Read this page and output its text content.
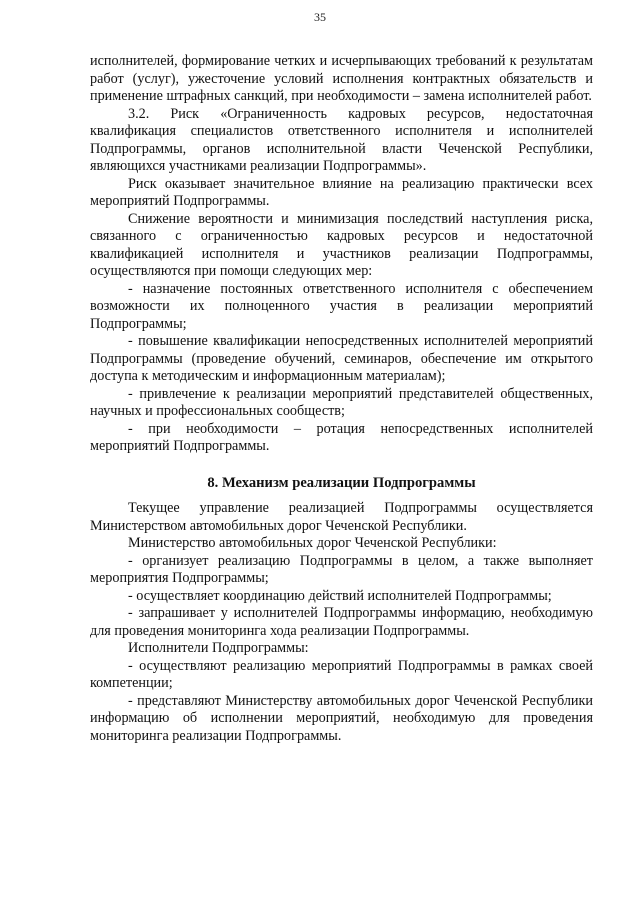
35

исполнителей, формирование четких и исчерпывающих требований к результатам работ (услуг), ужесточение условий исполнения контрактных обязательств и применение штрафных санкций, при необходимости – замена исполнителей работ.

3.2. Риск «Ограниченность кадровых ресурсов, недостаточная квалификация специалистов ответственного исполнителя и исполнителей Подпрограммы, органов исполнительной власти Чеченской Республики, являющихся участниками реализации Подпрограммы».

Риск оказывает значительное влияние на реализацию практически всех мероприятий Подпрограммы.

Снижение вероятности и минимизация последствий наступления риска, связанного с ограниченностью кадровых ресурсов и недостаточной квалификацией исполнителя и участников реализации Подпрограммы, осуществляются при помощи следующих мер:

- назначение постоянных ответственного исполнителя с обеспечением возможности их полноценного участия в реализации мероприятий Подпрограммы;

- повышение квалификации непосредственных исполнителей мероприятий Подпрограммы (проведение обучений, семинаров, обеспечение им открытого доступа к методическим и информационным материалам);

- привлечение к реализации мероприятий представителей общественных, научных и профессиональных сообществ;

- при необходимости – ротация непосредственных исполнителей мероприятий Подпрограммы.

8. Механизм реализации Подпрограммы

Текущее управление реализацией Подпрограммы осуществляется Министерством автомобильных дорог Чеченской Республики.

Министерство автомобильных дорог Чеченской Республики:

- организует реализацию Подпрограммы в целом, а также выполняет мероприятия Подпрограммы;

- осуществляет координацию действий исполнителей Подпрограммы;

- запрашивает у исполнителей Подпрограммы информацию, необходимую для проведения мониторинга хода реализации Подпрограммы.

Исполнители Подпрограммы:

- осуществляют реализацию мероприятий Подпрограммы в рамках своей компетенции;

- представляют Министерству автомобильных дорог Чеченской Республики информацию об исполнении мероприятий, необходимую для проведения мониторинга реализации Подпрограммы.
